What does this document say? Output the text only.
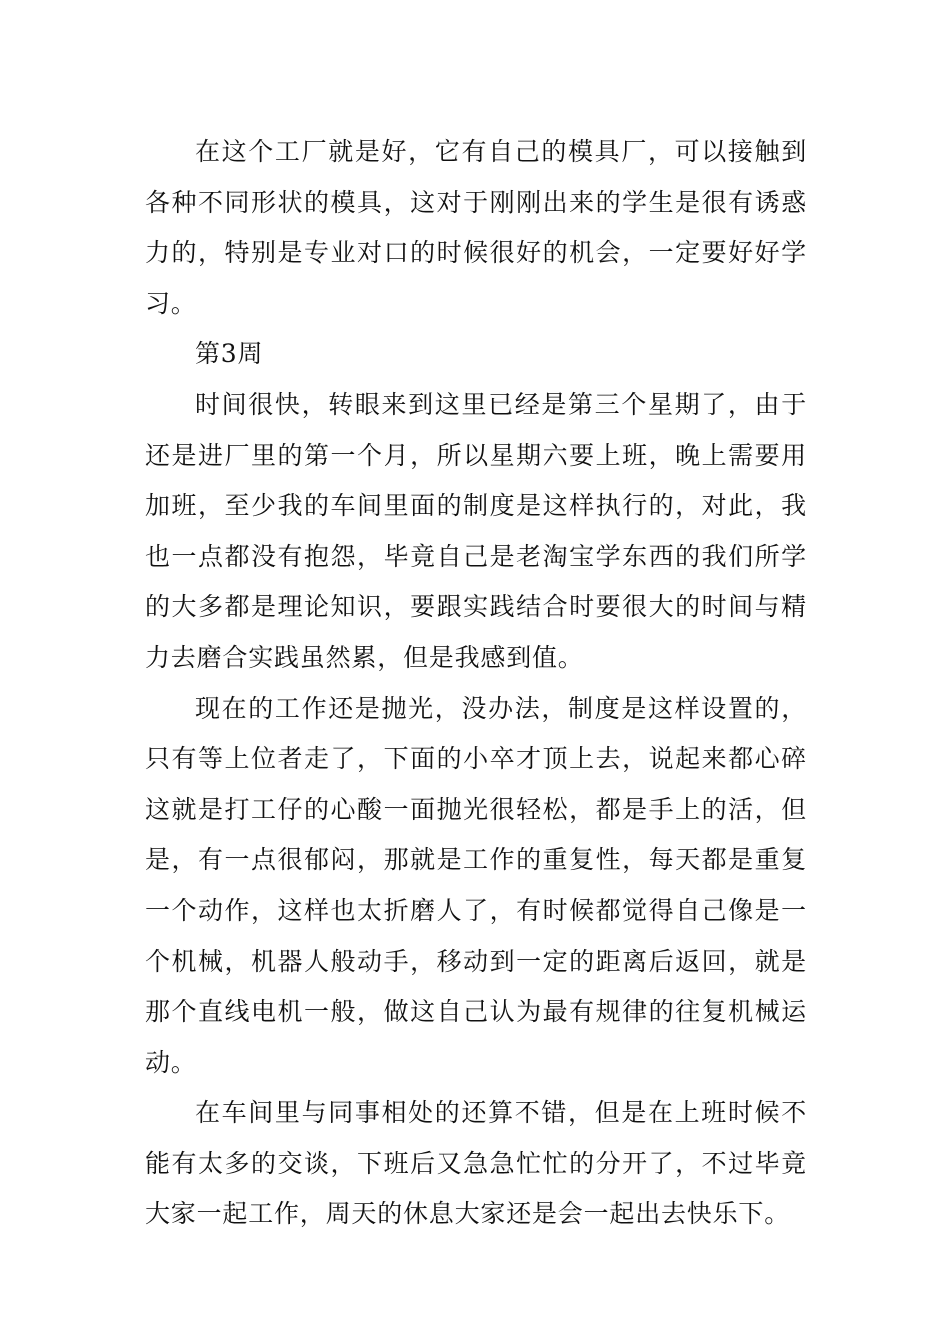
在这个工厂就是好，它有自己的模具厂，可以接触到各种不同形状的模具，这对于刚刚出来的学生是很有诱惑力的，特别是专业对口的时候很好的机会，一定要好好学习。

第3周

时间很快，转眼来到这里已经是第三个星期了，由于还是进厂里的第一个月，所以星期六要上班，晚上需要用加班，至少我的车间里面的制度是这样执行的，对此，我也一点都没有抱怨，毕竟自己是老淘宝学东西的我们所学的大多都是理论知识，要跟实践结合时要很大的时间与精力去磨合实践虽然累，但是我感到值。

现在的工作还是抛光，没办法，制度是这样设置的，只有等上位者走了，下面的小卒才顶上去，说起来都心碎这就是打工仔的心酸一面抛光很轻松，都是手上的活，但是，有一点很郁闷，那就是工作的重复性，每天都是重复一个动作，这样也太折磨人了，有时候都觉得自己像是一个机械，机器人般动手，移动到一定的距离后返回，就是那个直线电机一般，做这自己认为最有规律的往复机械运动。

在车间里与同事相处的还算不错，但是在上班时候不能有太多的交谈，下班后又急急忙忙的分开了，不过毕竟大家一起工作，周天的休息大家还是会一起出去快乐下。
